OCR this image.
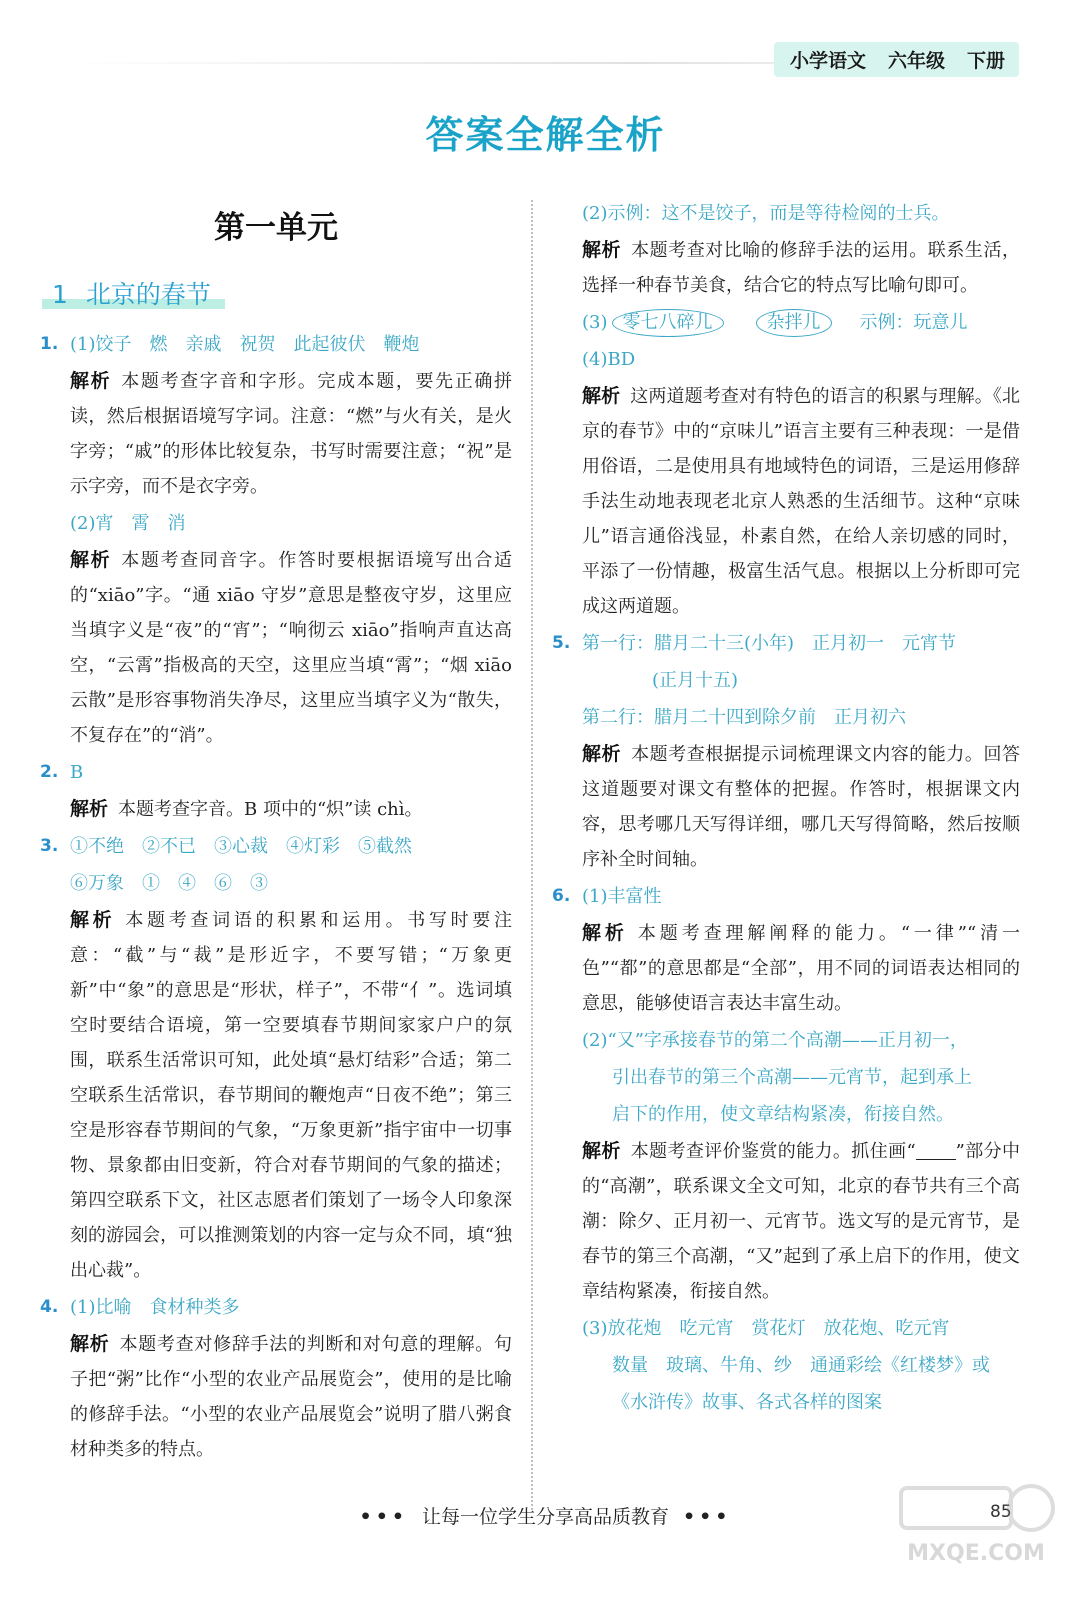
小学语文 六年级 下册
答案全解全析
第一单元
1 北京的春节
1. (1)饺子　燃　亲戚　祝贺　此起彼伏　鞭炮
解析 本题考查字音和字形。完成本题，要先正确拼读，然后根据语境写字词。注意：“燃”与火有关，是火字旁；“戚”的形体比较复杂，书写时需要注意；“祝”是示字旁，而不是衣字旁。
(2)宵　霄　消
解析 本题考查同音字。作答时要根据语境写出合适的“xiāo”字。“通 xiāo 守岁”意思是整夜守岁，这里应当填字义是“夜”的“宵”；“响彻云 xiāo”指响声直达高空，“云霄”指极高的天空，这里应当填“霄”；“烟 xiāo 云散”是形容事物消失净尽，这里应当填字义为“散失，不复存在”的“消”。
2. B
解析 本题考查字音。B 项中的“炽”读 chì。
3. ①不绝　②不已　③心裁　④灯彩　⑤截然
⑥万象　①　④　⑥　③
解析 本题考查词语的积累和运用。书写时要注意：“截”与“裁”是形近字，不要写错；“万象更新”中“象”的意思是“形状，样子”，不带“亻”。选词填空时要结合语境，第一空要填春节期间家家户户的氛围，联系生活常识可知，此处填“悬灯结彩”合适；第二空联系生活常识，春节期间的鞭炮声“日夜不绝”；第三空是形容春节期间的气象，“万象更新”指宇宙中一切事物、景象都由旧变新，符合对春节期间的气象的描述；第四空联系下文，社区志愿者们策划了一场令人印象深刻的游园会，可以推测策划的内容一定与众不同，填“独出心裁”。
4. (1)比喻　食材种类多
解析 本题考查对修辞手法的判断和对句意的理解。句子把“粥”比作“小型的农业产品展览会”，使用的是比喻的修辞手法。“小型的农业产品展览会”说明了腊八粥食材种类多的特点。
(2)示例：这不是饺子，而是等待检阅的士兵。
解析 本题考查对比喻的修辞手法的运用。联系生活，选择一种春节美食，结合它的特点写比喻句即可。
(3) 零七八碎儿	杂拌儿 示例：玩意儿
(4)BD
解析 这两道题考查对有特色的语言的积累与理解。《北京的春节》中的“京味儿”语言主要有三种表现：一是借用俗语，二是使用具有地域特色的词语，三是运用修辞手法生动地表现老北京人熟悉的生活细节。这种“京味儿”语言通俗浅显，朴素自然，在给人亲切感的同时，平添了一份情趣，极富生活气息。根据以上分析即可完成这两道题。
5. 第一行：腊月二十三(小年)　正月初一　元宵节
(正月十五)
第二行：腊月二十四到除夕前　正月初六
解析 本题考查根据提示词梳理课文内容的能力。回答这道题要对课文有整体的把握。作答时，根据课文内容，思考哪几天写得详细，哪几天写得简略，然后按顺序补全时间轴。
6. (1)丰富性
解析 本题考查理解阐释的能力。“一律”“清一色”“都”的意思都是“全部”，用不同的词语表达相同的意思，能够使语言表达丰富生动。
(2)“又”字承接春节的第二个高潮——正月初一，
引出春节的第三个高潮——元宵节，起到承上
启下的作用，使文章结构紧凑，衔接自然。
解析 本题考查评价鉴赏的能力。抓住画“ ”部分中的“高潮”，联系课文全文可知，北京的春节共有三个高潮：除夕、正月初一、元宵节。选文写的是元宵节，是春节的第三个高潮，“又”起到了承上启下的作用，使文章结构紧凑，衔接自然。
(3)放花炮　吃元宵　赏花灯　放花炮、吃元宵
数量　玻璃、牛角、纱　通通彩绘《红楼梦》或
《水浒传》故事、各式各样的图案
••• 让每一位学生分享高品质教育 •••	85
MXQE.COM
